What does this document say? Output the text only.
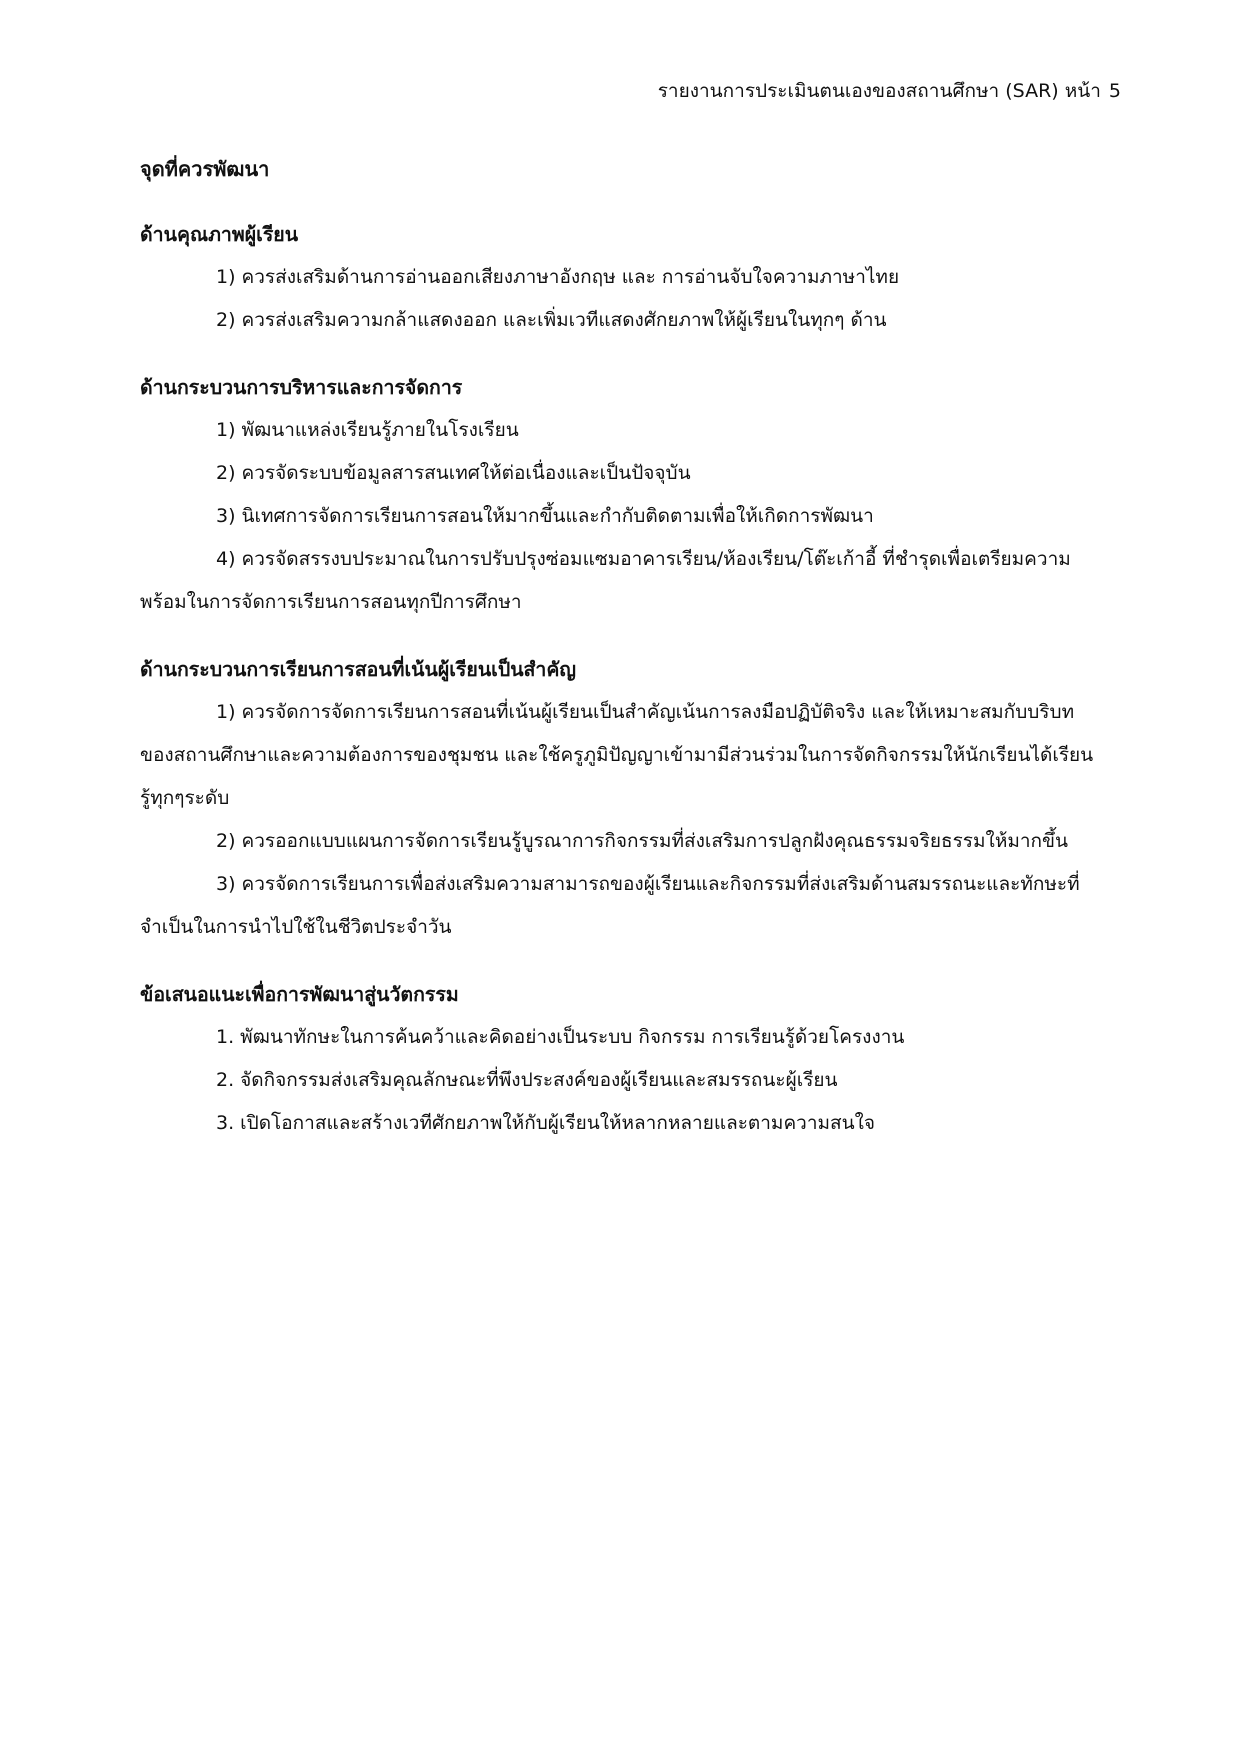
รายงานการประเมินตนเองของสถานศึกษา (SAR) หน้า 5
จุดที่ควรพัฒนา
ด้านคุณภาพผู้เรียน

1) ควรส่งเสริมด้านการอ่านออกเสียงภาษาอังกฤษ และ การอ่านจับใจความภาษาไทย

2) ควรส่งเสริมความกล้าแสดงออก และเพิ่มเวทีแสดงศักยภาพให้ผู้เรียนในทุกๆ ด้าน

ด้านกระบวนการบริหารและการจัดการ

1) พัฒนาแหล่งเรียนรู้ภายในโรงเรียน

2) ควรจัดระบบข้อมูลสารสนเทศให้ต่อเนื่องและเป็นปัจจุบัน

3) นิเทศการจัดการเรียนการสอนให้มากขึ้นและกำกับติดตามเพื่อให้เกิดการพัฒนา

4) ควรจัดสรรงบประมาณในการปรับปรุงซ่อมแซมอาคารเรียน/ห้องเรียน/โต๊ะเก้าอี้ ที่ชำรุดเพื่อเตรียมความพร้อมในการจัดการเรียนการสอนทุกปีการศึกษา

ด้านกระบวนการเรียนการสอนที่เน้นผู้เรียนเป็นสำคัญ

1) ควรจัดการจัดการเรียนการสอนที่เน้นผู้เรียนเป็นสำคัญเน้นการลงมือปฏิบัติจริง และให้เหมาะสมกับบริบทของสถานศึกษาและความต้องการของชุมชน และใช้ครูภูมิปัญญาเข้ามามีส่วนร่วมในการจัดกิจกรรมให้นักเรียนได้เรียนรู้ทุกๆระดับ

2) ควรออกแบบแผนการจัดการเรียนรู้บูรณาการกิจกรรมที่ส่งเสริมการปลูกฝังคุณธรรมจริยธรรมให้มากขึ้น

3) ควรจัดการเรียนการเพื่อส่งเสริมความสามารถของผู้เรียนและกิจกรรมที่ส่งเสริมด้านสมรรถนะและทักษะที่จำเป็นในการนำไปใช้ในชีวิตประจำวัน

ข้อเสนอแนะเพื่อการพัฒนาสู่นวัตกรรม

1. พัฒนาทักษะในการค้นคว้าและคิดอย่างเป็นระบบ กิจกรรม การเรียนรู้ด้วยโครงงาน

2. จัดกิจกรรมส่งเสริมคุณลักษณะที่พึงประสงค์ของผู้เรียนและสมรรถนะผู้เรียน

3. เปิดโอกาสและสร้างเวทีศักยภาพให้กับผู้เรียนให้หลากหลายและตามความสนใจ
